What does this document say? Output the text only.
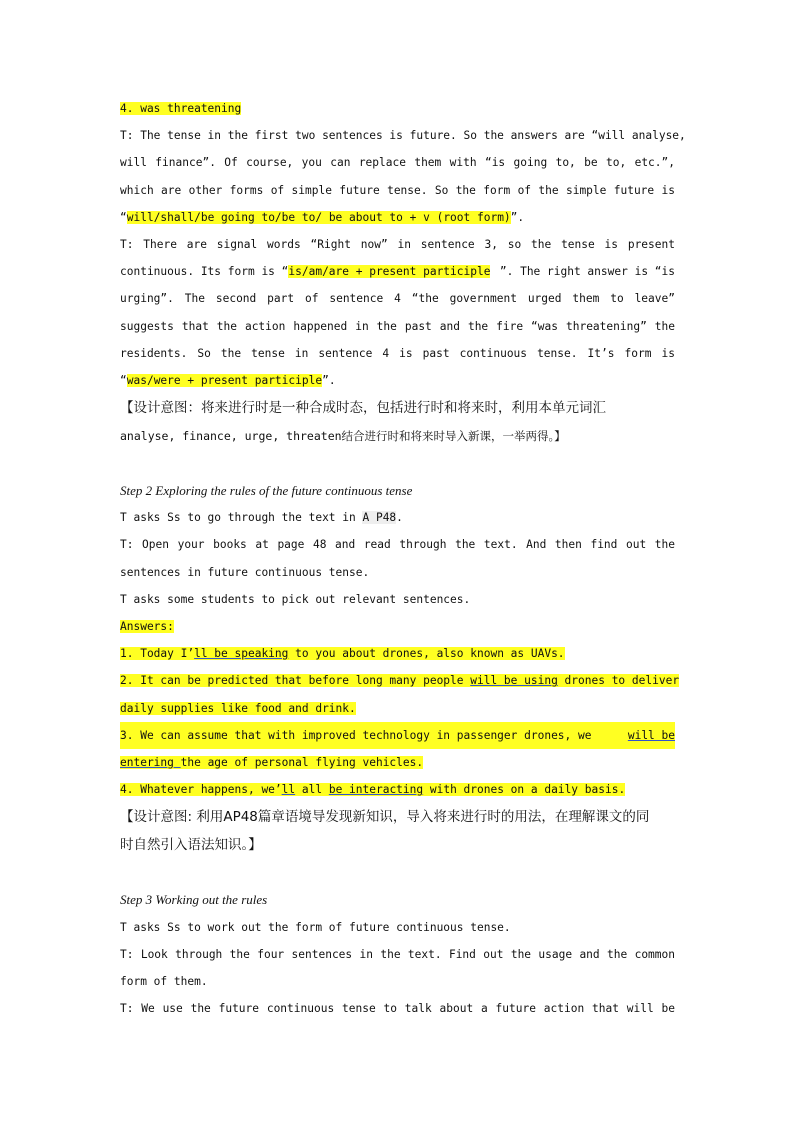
4. was threatening
T: The tense in the first two sentences is future. So the answers are “will analyse,
will finance”. Of course, you can replace them with “is going to, be to, etc.”,
which are other forms of simple future tense. So the form of the simple future is
“will/shall/be going to/be to/ be about to + v (root form)”.
T: There are signal words “Right now” in sentence 3, so the tense is present
continuous. Its form is “is/am/are + present participle ”. The right answer is “is
urging”. The second part of sentence 4 “the government urged them to leave”
suggests that the action happened in the past and the fire “was threatening” the
residents. So the tense in sentence 4 is past continuous tense. It’s form is
“was/were + present participle”.
【设计意图：将来进行时是一种合成时态，包括进行时和将来时，利用本单元词汇
analyse, finance, urge, threaten结合进行时和将来时导入新课，一举两得。】
Step 2 Exploring the rules of the future continuous tense
T asks Ss to go through the text in A P48.
T: Open your books at page 48 and read through the text. And then find out the
sentences in future continuous tense.
T asks some students to pick out relevant sentences.
Answers:
1. Today I’ll be speaking to you about drones, also known as UAVs.
2. It can be predicted that before long many people will be using drones to deliver
daily supplies like food and drink.
3. We can assume that with improved technology in passenger drones, we	will be
entering the age of personal flying vehicles.
4. Whatever happens, we’ll all be interacting with drones on a daily basis.
【设计意图: 利用AP48篇章语境导发现新知识，导入将来进行时的用法，在理解课文的同
时自然引入语法知识。】
Step 3 Working out the rules
T asks Ss to work out the form of future continuous tense.
T: Look through the four sentences in the text. Find out the usage and the common
form of them.
T: We use the future continuous tense to talk about a future action that will be
